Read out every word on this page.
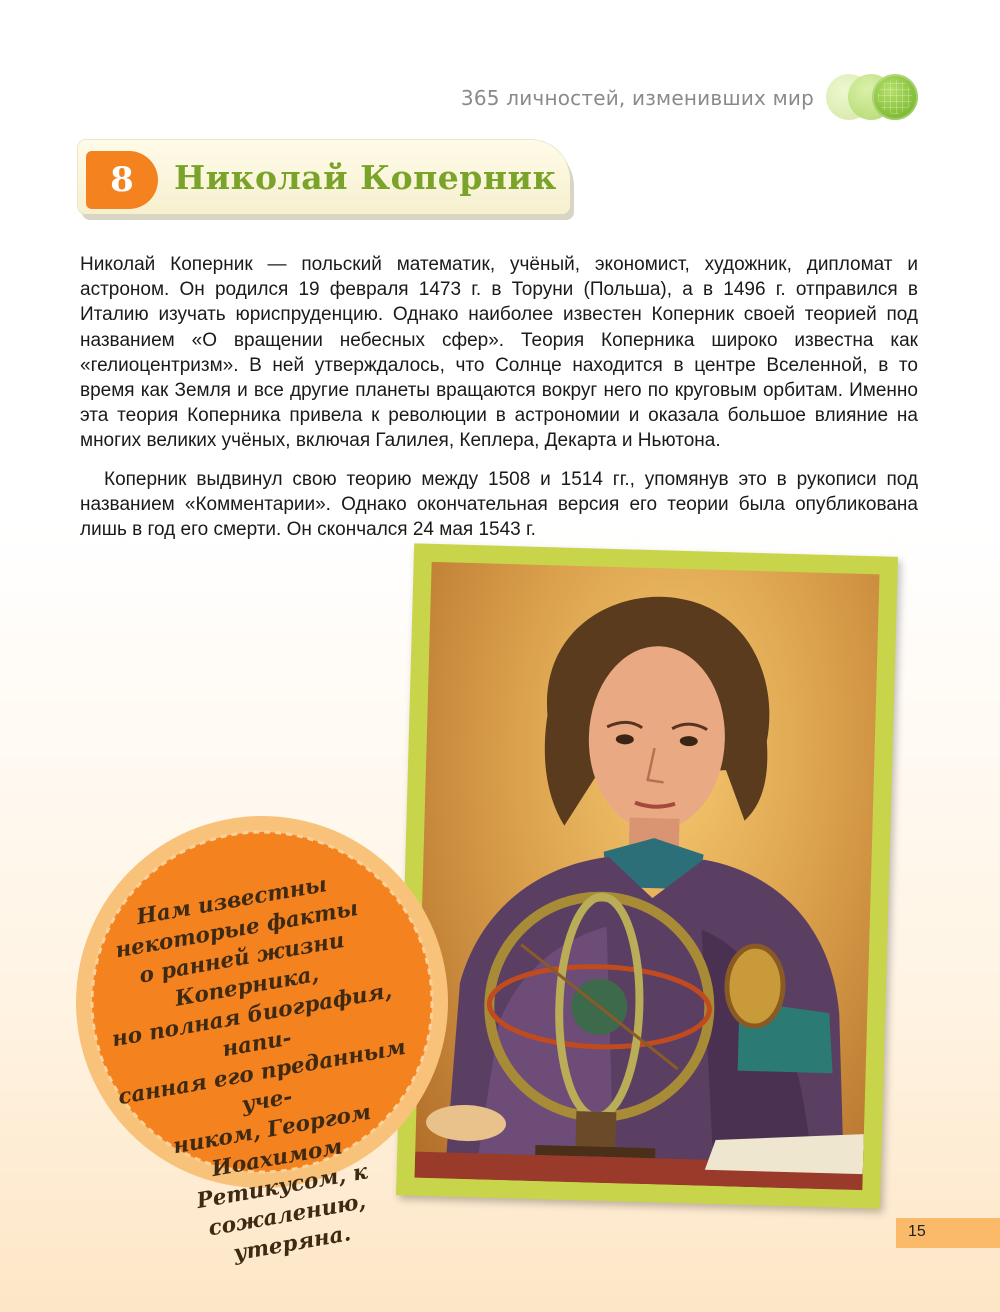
365 личностей, изменивших мир
8	Николай Коперник

Николай Коперник — польский математик, учёный, экономист, художник, дипломат и астроном. Он родился 19 февраля 1473 г. в Торуни (Польша), а в 1496 г. отправился в Италию изучать юриспруденцию. Однако наиболее известен Коперник своей теорией под названием «О вращении небесных сфер». Теория Коперника широко известна как «гелиоцентризм». В ней утверждалось, что Солнце находится в центре Вселенной, в то время как Земля и все другие планеты вращаются вокруг него по круговым орбитам. Именно эта теория Коперника привела к революции в астрономии и оказала большое влияние на многих великих учёных, включая Галилея, Кеплера, Декарта и Ньютона.

Коперник выдвинул свою теорию между 1508 и 1514 гг., упомянув это в рукописи под названием «Комментарии». Однако окончательная версия его теории была опубликована лишь в год его смерти. Он скончался 24 мая 1543 г.

Нам известны
некоторые факты
о ранней жизни Коперника,
но полная биография, напи-
санная его преданным уче-
ником, Георгом Иоахимом
Ретикусом, к сожалению,
утеряна.	15
